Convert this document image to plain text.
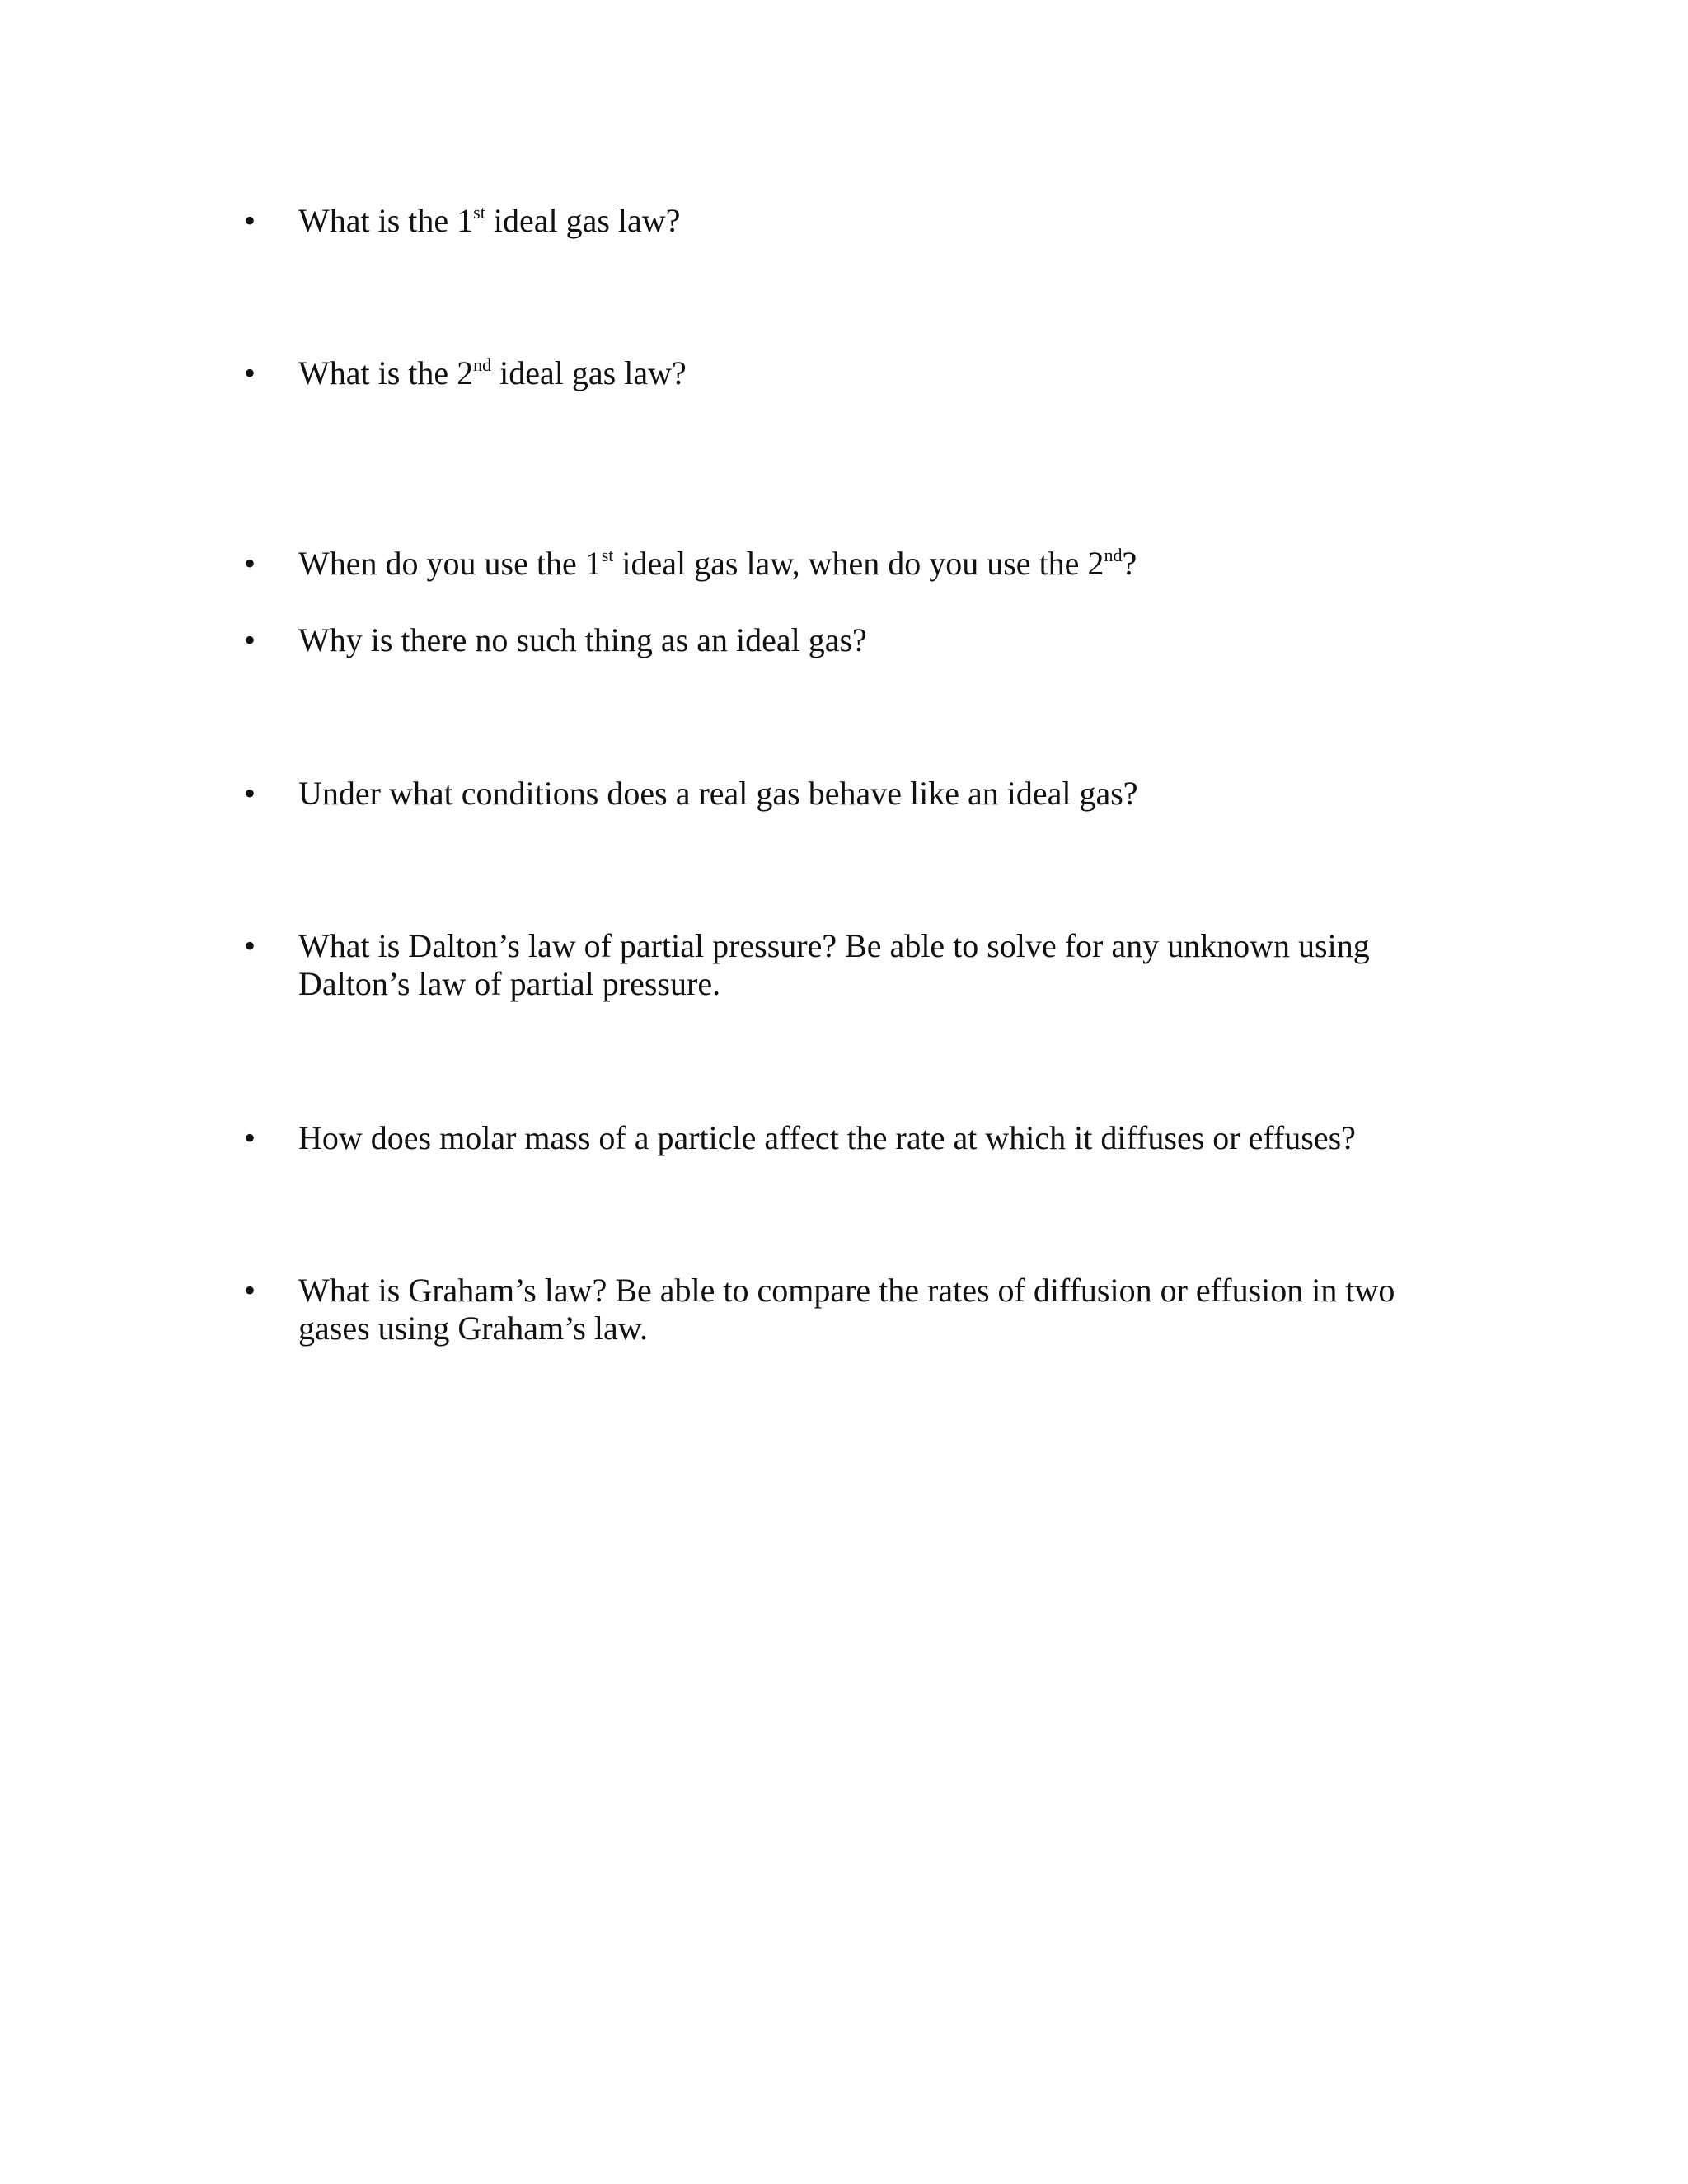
•	What is the 1st ideal gas law?
•	What is the 2nd ideal gas law?
•	When do you use the 1st ideal gas law, when do you use the 2nd?
•	Why is there no such thing as an ideal gas?
•	Under what conditions does a real gas behave like an ideal gas?
•	What is Dalton’s law of partial pressure? Be able to solve for any unknown using Dalton’s law of partial pressure.
•	How does molar mass of a particle affect the rate at which it diffuses or effuses?
•	What is Graham’s law? Be able to compare the rates of diffusion or effusion in two gases using Graham’s law.
